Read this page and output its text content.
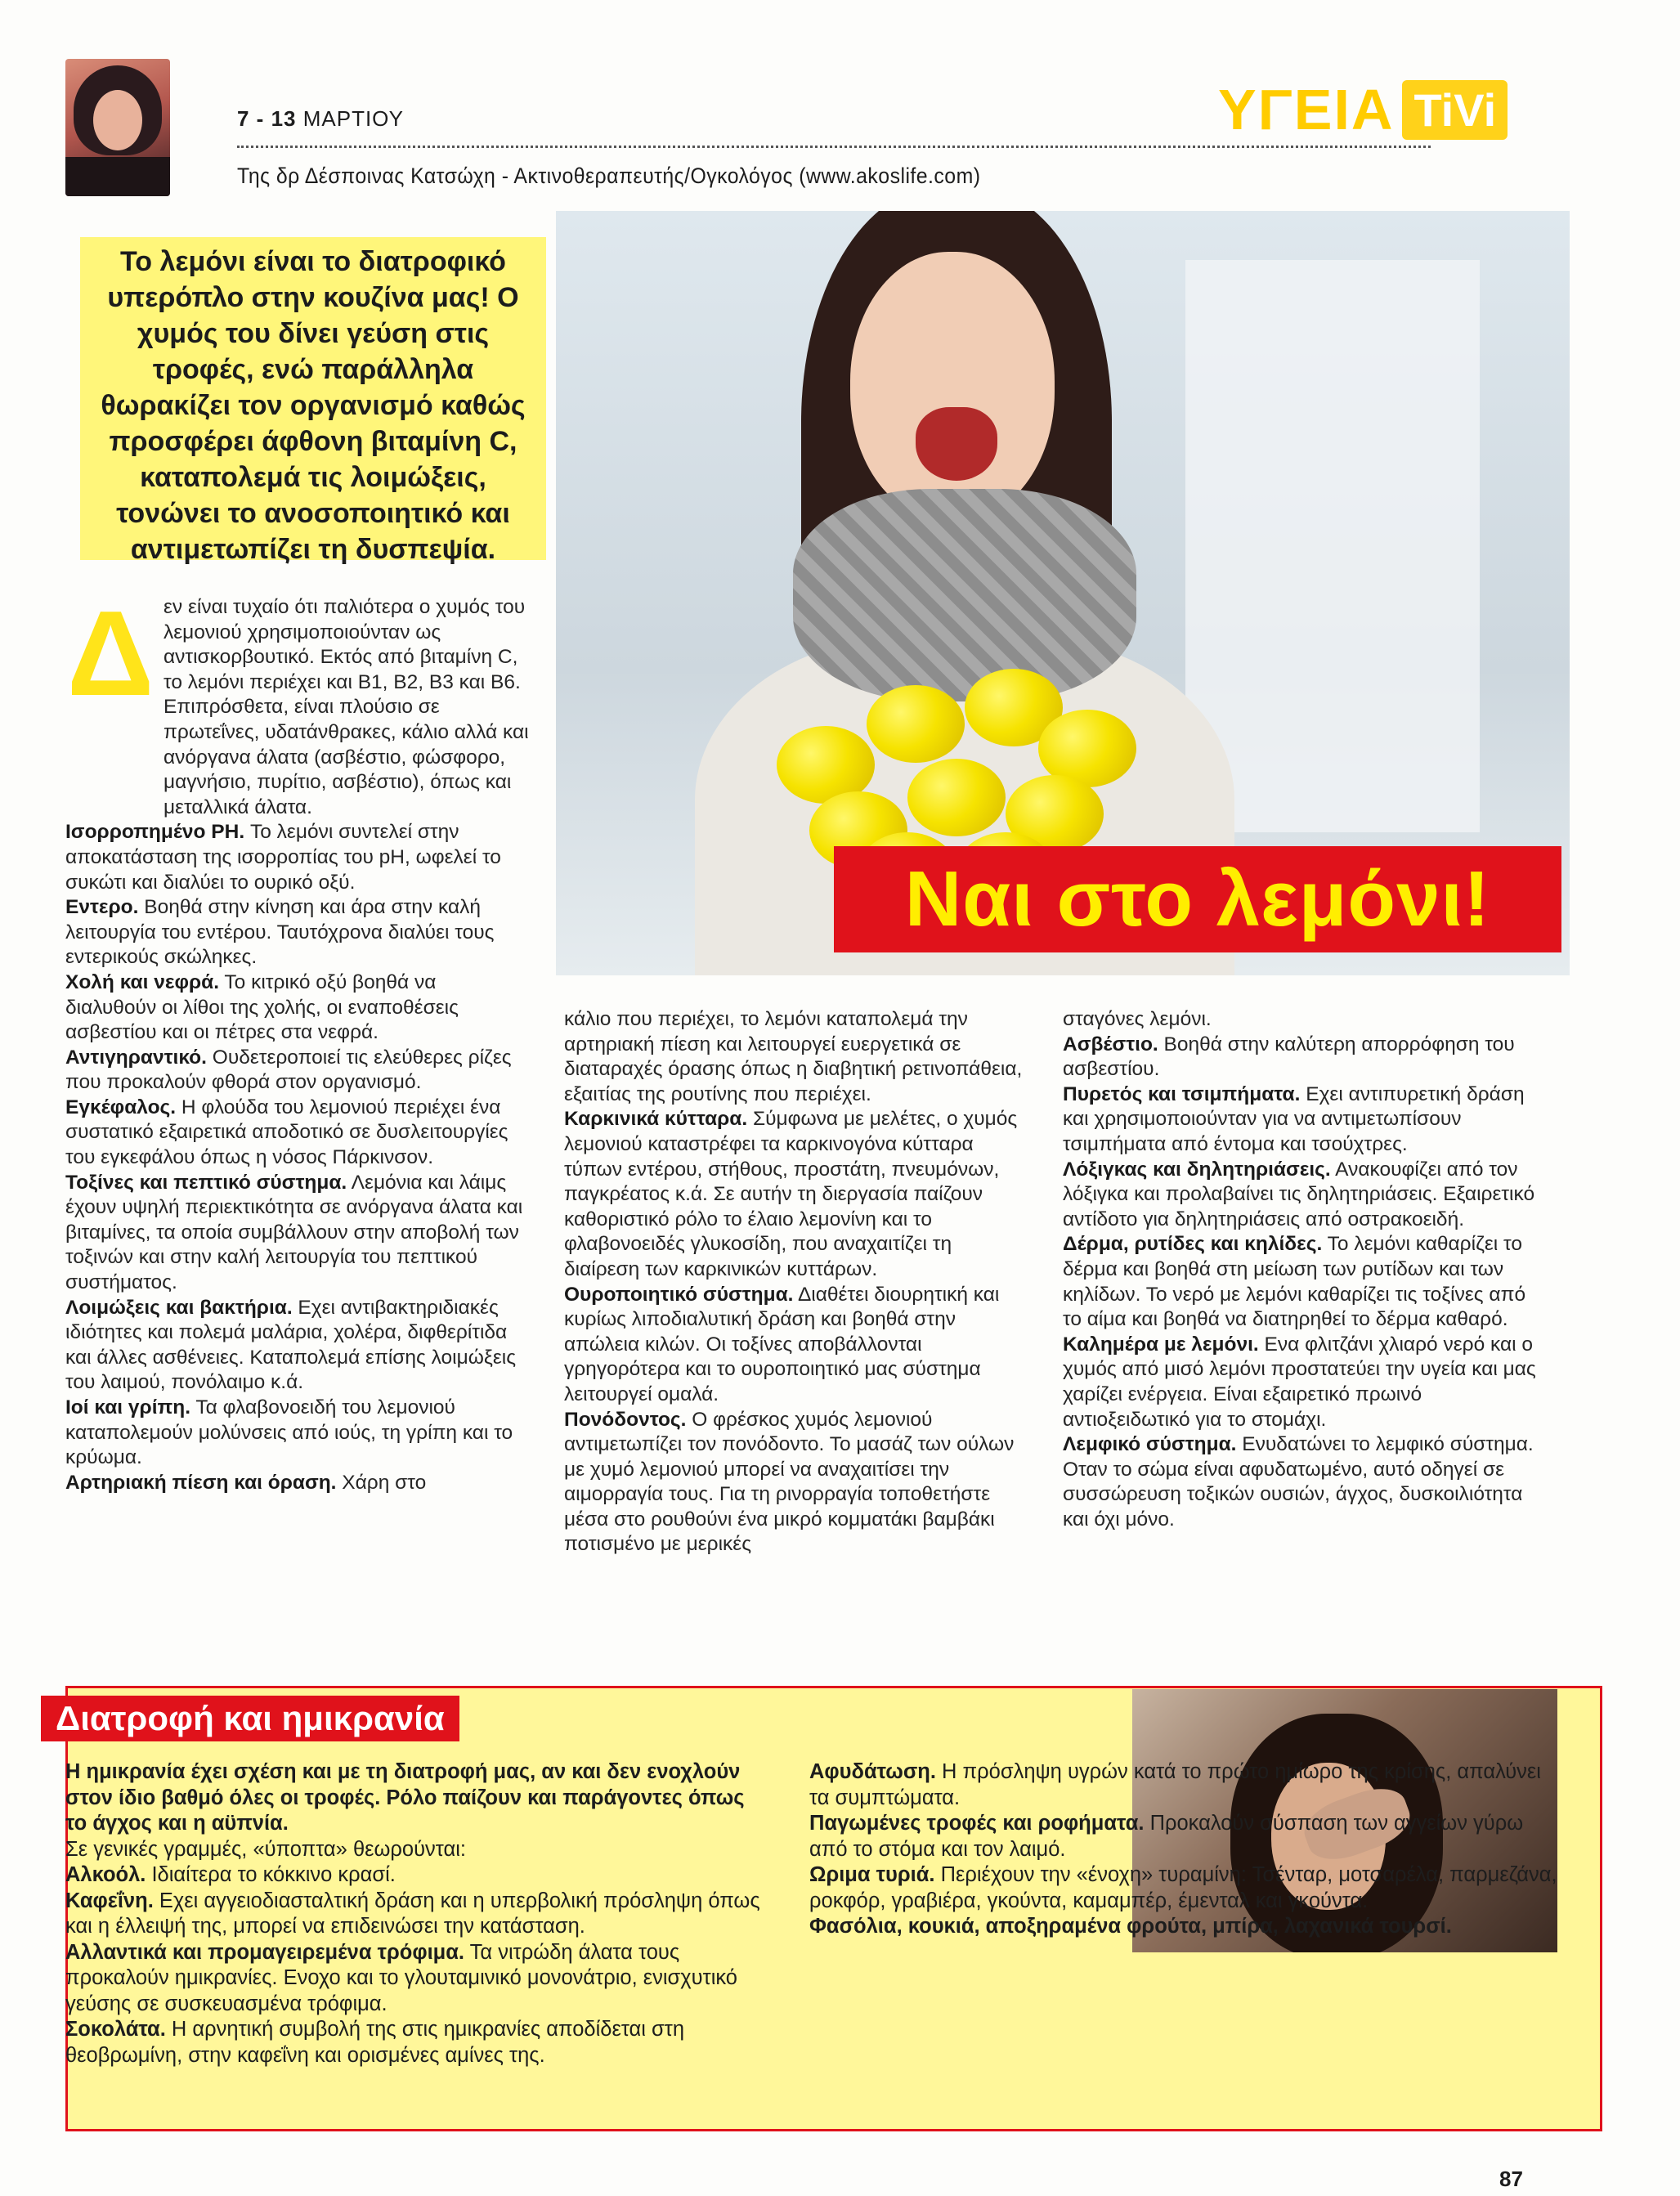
7 - 13 ΜΑΡΤΙΟΥ
Της δρ Δέσποινας Κατσώχη - Ακτινοθεραπευτής/Ογκολόγος (www.akoslife.com)
ΥΓΕΙΑ TiVi
Το λεμόνι είναι το διατροφικό υπερόπλο στην κουζίνα μας! Ο χυμός του δίνει γεύση στις τροφές, ενώ παράλληλα θωρακίζει τον οργανισμό καθώς προσφέρει άφθονη βιταμίνη C, καταπολεμά τις λοιμώξεις, τονώνει το ανοσοποιητικό και αντιμετωπίζει τη δυσπεψία.
Ναι στο λεμόνι!
Δ εν είναι τυχαίο ότι παλιότερα ο χυμός του λεμονιού χρησιμοποιούνταν ως αντισκορβουτικό. Εκτός από βιταμίνη C, το λεμόνι περιέχει και B1, B2, B3 και B6. Επιπρόσθετα, είναι πλούσιο σε πρωτεΐνες, υδατάνθρακες, κάλιο αλλά και ανόργανα άλατα (ασβέστιο, φώσφορο, μαγνήσιο, πυρίτιο, ασβέστιο), όπως και μεταλλικά άλατα.

Ισορροπημένο PH. Το λεμόνι συντελεί στην αποκατάσταση της ισορροπίας του pH, ωφελεί το συκώτι και διαλύει το ουρικό οξύ.

Εντερο. Βοηθά στην κίνηση και άρα στην καλή λειτουργία του εντέρου. Ταυτόχρονα διαλύει τους εντερικούς σκώληκες.

Χολή και νεφρά. Το κιτρικό οξύ βοηθά να διαλυθούν οι λίθοι της χολής, οι εναποθέσεις ασβεστίου και οι πέτρες στα νεφρά.

Αντιγηραντικό. Ουδετεροποιεί τις ελεύθερες ρίζες που προκαλούν φθορά στον οργανισμό.

Εγκέφαλος. Η φλούδα του λεμονιού περιέχει ένα συστατικό εξαιρετικά αποδοτικό σε δυσλειτουργίες του εγκεφάλου όπως η νόσος Πάρκινσον.

Τοξίνες και πεπτικό σύστημα. Λεμόνια και λάιμς έχουν υψηλή περιεκτικότητα σε ανόργανα άλατα και βιταμίνες, τα οποία συμβάλλουν στην αποβολή των τοξινών και στην καλή λειτουργία του πεπτικού συστήματος.

Λοιμώξεις και βακτήρια. Εχει αντιβακτηριδιακές ιδιότητες και πολεμά μαλάρια, χολέρα, διφθερίτιδα και άλλες ασθένειες. Καταπολεμά επίσης λοιμώξεις του λαιμού, πονόλαιμο κ.ά.

Ιοί και γρίπη. Τα φλαβονοειδή του λεμονιού καταπολεμούν μολύνσεις από ιούς, τη γρίπη και το κρύωμα.

Αρτηριακή πίεση και όραση. Χάρη στο

κάλιο που περιέχει, το λεμόνι καταπολεμά την αρτηριακή πίεση και λειτουργεί ευεργετικά σε διαταραχές όρασης όπως η διαβητική ρετινοπάθεια, εξαιτίας της ρουτίνης που περιέχει.

Καρκινικά κύτταρα. Σύμφωνα με μελέτες, ο χυμός λεμονιού καταστρέφει τα καρκινογόνα κύτταρα τύπων εντέρου, στήθους, προστάτη, πνευμόνων, παγκρέατος κ.ά. Σε αυτήν τη διεργασία παίζουν καθοριστικό ρόλο το έλαιο λεμονίνη και το φλαβονοειδές γλυκοσίδη, που αναχαιτίζει τη διαίρεση των καρκινικών κυττάρων.

Ουροποιητικό σύστημα. Διαθέτει διουρητική και κυρίως λιποδιαλυτική δράση και βοηθά στην απώλεια κιλών. Οι τοξίνες αποβάλλονται γρηγορότερα και το ουροποιητικό μας σύστημα λειτουργεί ομαλά.

Πονόδοντος. Ο φρέσκος χυμός λεμονιού αντιμετωπίζει τον πονόδοντο. Το μασάζ των ούλων με χυμό λεμονιού μπορεί να αναχαιτίσει την αιμορραγία τους. Για τη ρινορραγία τοποθετήστε μέσα στο ρουθούνι ένα μικρό κομματάκι βαμβάκι ποτισμένο με μερικές

σταγόνες λεμόνι.

Ασβέστιο. Βοηθά στην καλύτερη απορρόφηση του ασβεστίου.

Πυρετός και τσιμπήματα. Εχει αντιπυρετική δράση και χρησιμοποιούνταν για να αντιμετωπίσουν τσιμπήματα από έντομα και τσούχτρες.

Λόξιγκας και δηλητηριάσεις. Ανακουφίζει από τον λόξιγκα και προλαβαίνει τις δηλητηριάσεις. Εξαιρετικό αντίδοτο για δηλητηριάσεις από οστρακοειδή.

Δέρμα, ρυτίδες και κηλίδες. Το λεμόνι καθαρίζει το δέρμα και βοηθά στη μείωση των ρυτίδων και των κηλίδων. Το νερό με λεμόνι καθαρίζει τις τοξίνες από το αίμα και βοηθά να διατηρηθεί το δέρμα καθαρό.

Καλημέρα με λεμόνι. Ενα φλιτζάνι χλιαρό νερό και ο χυμός από μισό λεμόνι προστατεύει την υγεία και μας χαρίζει ενέργεια. Είναι εξαιρετικό πρωινό αντιοξειδωτικό για το στομάχι.

Λεμφικό σύστημα. Ενυδατώνει το λεμφικό σύστημα. Οταν το σώμα είναι αφυδατωμένο, αυτό οδηγεί σε συσσώρευση τοξικών ουσιών, άγχος, δυσκοιλιότητα και όχι μόνο.

Διατροφή και ημικρανία

Η ημικρανία έχει σχέση και με τη διατροφή μας, αν και δεν ενοχλούν στον ίδιο βαθμό όλες οι τροφές. Ρόλο παίζουν και παράγοντες όπως το άγχος και η αϋπνία.

Σε γενικές γραμμές, «ύποπτα» θεωρούνται:

Αλκοόλ. Ιδιαίτερα το κόκκινο κρασί.

Καφεΐνη. Εχει αγγειοδιασταλτική δράση και η υπερβολική πρόσληψη όπως και η έλλειψή της, μπορεί να επιδεινώσει την κατάσταση.

Αλλαντικά και προμαγειρεμένα τρόφιμα. Τα νιτρώδη άλατα τους προκαλούν ημικρανίες. Ενοχο και το γλουταμινικό μονονάτριο, ενισχυτικό γεύσης σε συσκευασμένα τρόφιμα.

Σοκολάτα. Η αρνητική συμβολή της στις ημικρανίες αποδίδεται στη θεοβρωμίνη, στην καφεΐνη και ορισμένες αμίνες της.

Αφυδάτωση. Η πρόσληψη υγρών κατά το πρώτο ημίωρο της κρίσης, απαλύνει τα συμπτώματα.

Παγωμένες τροφές και ροφήματα. Προκαλούν σύσπαση των αγγείων γύρω από το στόμα και τον λαιμό.

Ωριμα τυριά. Περιέχουν την «ένοχη» τυραμίνη: Τσένταρ, μοτσαρέλα, παρμεζάνα, ροκφόρ, γραβιέρα, γκούντα, καμαμπέρ, έμενταλ και γκούντα.

Φασόλια, κουκιά, αποξηραμένα φρούτα, μπίρα, λαχανικά τουρσί.

87
